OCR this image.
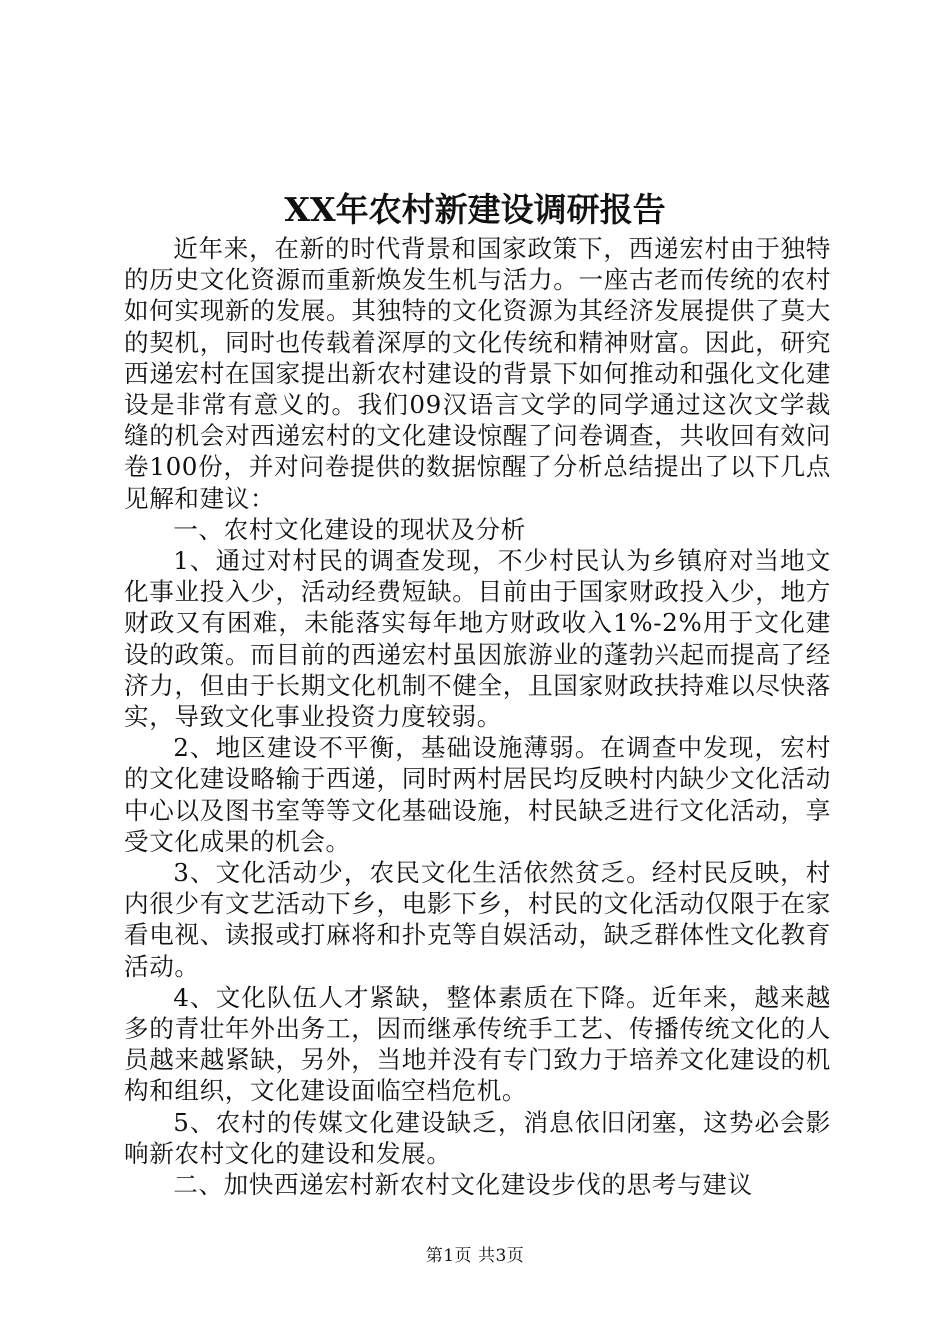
XX年农村新建设调研报告

近年来，在新的时代背景和国家政策下，西递宏村由于独特的历史文化资源而重新焕发生机与活力。一座古老而传统的农村如何实现新的发展。其独特的文化资源为其经济发展提供了莫大的契机，同时也传载着深厚的文化传统和精神财富。因此，研究西递宏村在国家提出新农村建设的背景下如何推动和强化文化建设是非常有意义的。我们09汉语言文学的同学通过这次文学裁缝的机会对西递宏村的文化建设惊醒了问卷调查，共收回有效问卷100份，并对问卷提供的数据惊醒了分析总结提出了以下几点见解和建议：

一、农村文化建设的现状及分析

1、通过对村民的调查发现，不少村民认为乡镇府对当地文化事业投入少，活动经费短缺。目前由于国家财政投入少，地方财政又有困难，未能落实每年地方财政收入1%-2%用于文化建设的政策。而目前的西递宏村虽因旅游业的蓬勃兴起而提高了经济力，但由于长期文化机制不健全，且国家财政扶持难以尽快落实，导致文化事业投资力度较弱。

2、地区建设不平衡，基础设施薄弱。在调查中发现，宏村的文化建设略输于西递，同时两村居民均反映村内缺少文化活动中心以及图书室等等文化基础设施，村民缺乏进行文化活动，享受文化成果的机会。

3、文化活动少，农民文化生活依然贫乏。经村民反映，村内很少有文艺活动下乡，电影下乡，村民的文化活动仅限于在家看电视、读报或打麻将和扑克等自娱活动，缺乏群体性文化教育活动。

4、文化队伍人才紧缺，整体素质在下降。近年来，越来越多的青壮年外出务工，因而继承传统手工艺、传播传统文化的人员越来越紧缺，另外，当地并没有专门致力于培养文化建设的机构和组织，文化建设面临空档危机。

5、农村的传媒文化建设缺乏，消息依旧闭塞，这势必会影响新农村文化的建设和发展。

二、加快西递宏村新农村文化建设步伐的思考与建议

第1页 共3页
